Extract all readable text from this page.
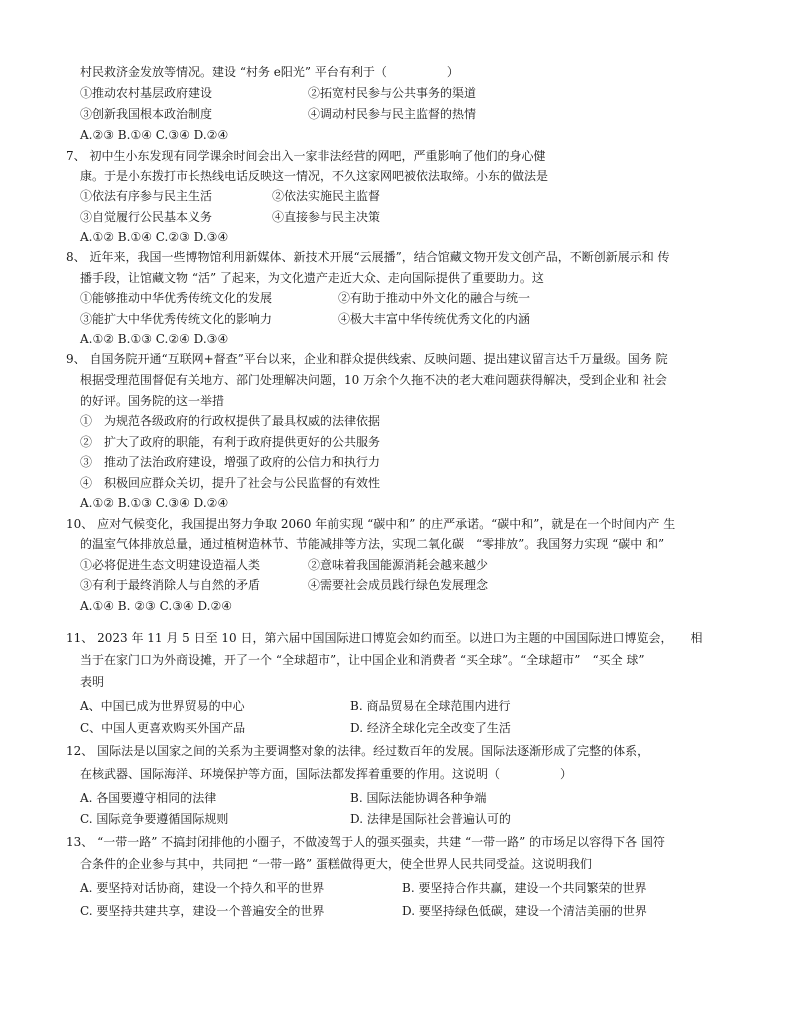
村民救济金发放等情况。建设 “村务 e阳光” 平台有利于（　　　　　）
①推动农村基层政府建设	②拓宽村民参与公共事务的渠道
③创新我国根本政治制度	④调动村民参与民主监督的热情
A.②③ B.①④ C.③④ D.②④
7、 初中生小东发现有同学课余时间会出入一家非法经营的网吧，严重影响了他们的身心健
康。于是小东拨打市长热线电话反映这一情况，不久这家网吧被依法取缔。小东的做法是
①依法有序参与民主生活	②依法实施民主监督
③自觉履行公民基本义务	④直接参与民主决策
A.①② B.①④ C.②③ D.③④
8、 近年来，我国一些博物馆利用新媒体、新技术开展“云展播”，结合馆藏文物开发文创产品，不断创新展示和 传
播手段，让馆藏文物 “活” 了起来，为文化遗产走近大众、走向国际提供了重要助力。这
①能够推动中华优秀传统文化的发展	②有助于推动中外文化的融合与统一
③能扩大中华优秀传统文化的影响力	④极大丰富中华传统优秀文化的内涵
A.①② B.①③ C.②④ D.③④
9、 自国务院开通“互联网+督查”平台以来，企业和群众提供线索、反映问题、提出建议留言达千万量级。国务 院
根据受理范围督促有关地方、部门处理解决问题，10 万余个久拖不决的老大难问题获得解决，受到企业和 社会
的好评。国务院的这一举措
①　为规范各级政府的行政权提供了最具权威的法律依据
②　扩大了政府的职能，有利于政府提供更好的公共服务
③　推动了法治政府建设，增强了政府的公信力和执行力
④　积极回应群众关切，提升了社会与公民监督的有效性
A.①② B.①③ C.③④ D.②④
10、 应对气候变化，我国提出努力争取 2060 年前实现 “碳中和” 的庄严承诺。“碳中和”，就是在一个时间内产 生
的温室气体排放总量，通过植树造林节、节能减排等方法，实现二氧化碳　“零排放”。我国努力实现 “碳中 和”
①必将促进生态文明建设造福人类	②意味着我国能源消耗会越来越少
③有利于最终消除人与自然的矛盾	④需要社会成员践行绿色发展理念
A.①④ B. ②③ C.③④ D.②④
11、 2023 年 11 月 5 日至 10 日，第六届中国国际进口博览会如约而至。以进口为主题的中国国际进口博览会，　　相
当于在家门口为外商设摊，开了一个 “全球超市”，让中国企业和消费者 “买全球”。“全球超市”　“买全 球”
表明
A、中国已成为世界贸易的中心	B. 商品贸易在全球范围内进行
C、中国人更喜欢购买外国产品	D. 经济全球化完全改变了生活
12、 国际法是以国家之间的关系为主要调整对象的法律。经过数百年的发展。国际法逐渐形成了完整的体系，
在核武器、国际海洋、环境保护等方面，国际法都发挥着重要的作用。这说明（　　　　　）
A. 各国要遵守相同的法律	B. 国际法能协调各种争端
C. 国际竞争要遵循国际规则	D. 法律是国际社会普遍认可的
13、 “一带一路” 不搞封闭排他的小圈子，不做凌驾于人的强买强卖，共建 “一带一路” 的市场足以容得下各 国符
合条件的企业参与其中，共同把 “一带一路” 蛋糕做得更大，使全世界人民共同受益。这说明我们
A. 要坚持对话协商，建设一个持久和平的世界	B. 要坚持合作共赢，建设一个共同繁荣的世界
C. 要坚持共建共享，建设一个普遍安全的世界	D. 要坚持绿色低碳，建设一个清洁美丽的世界
